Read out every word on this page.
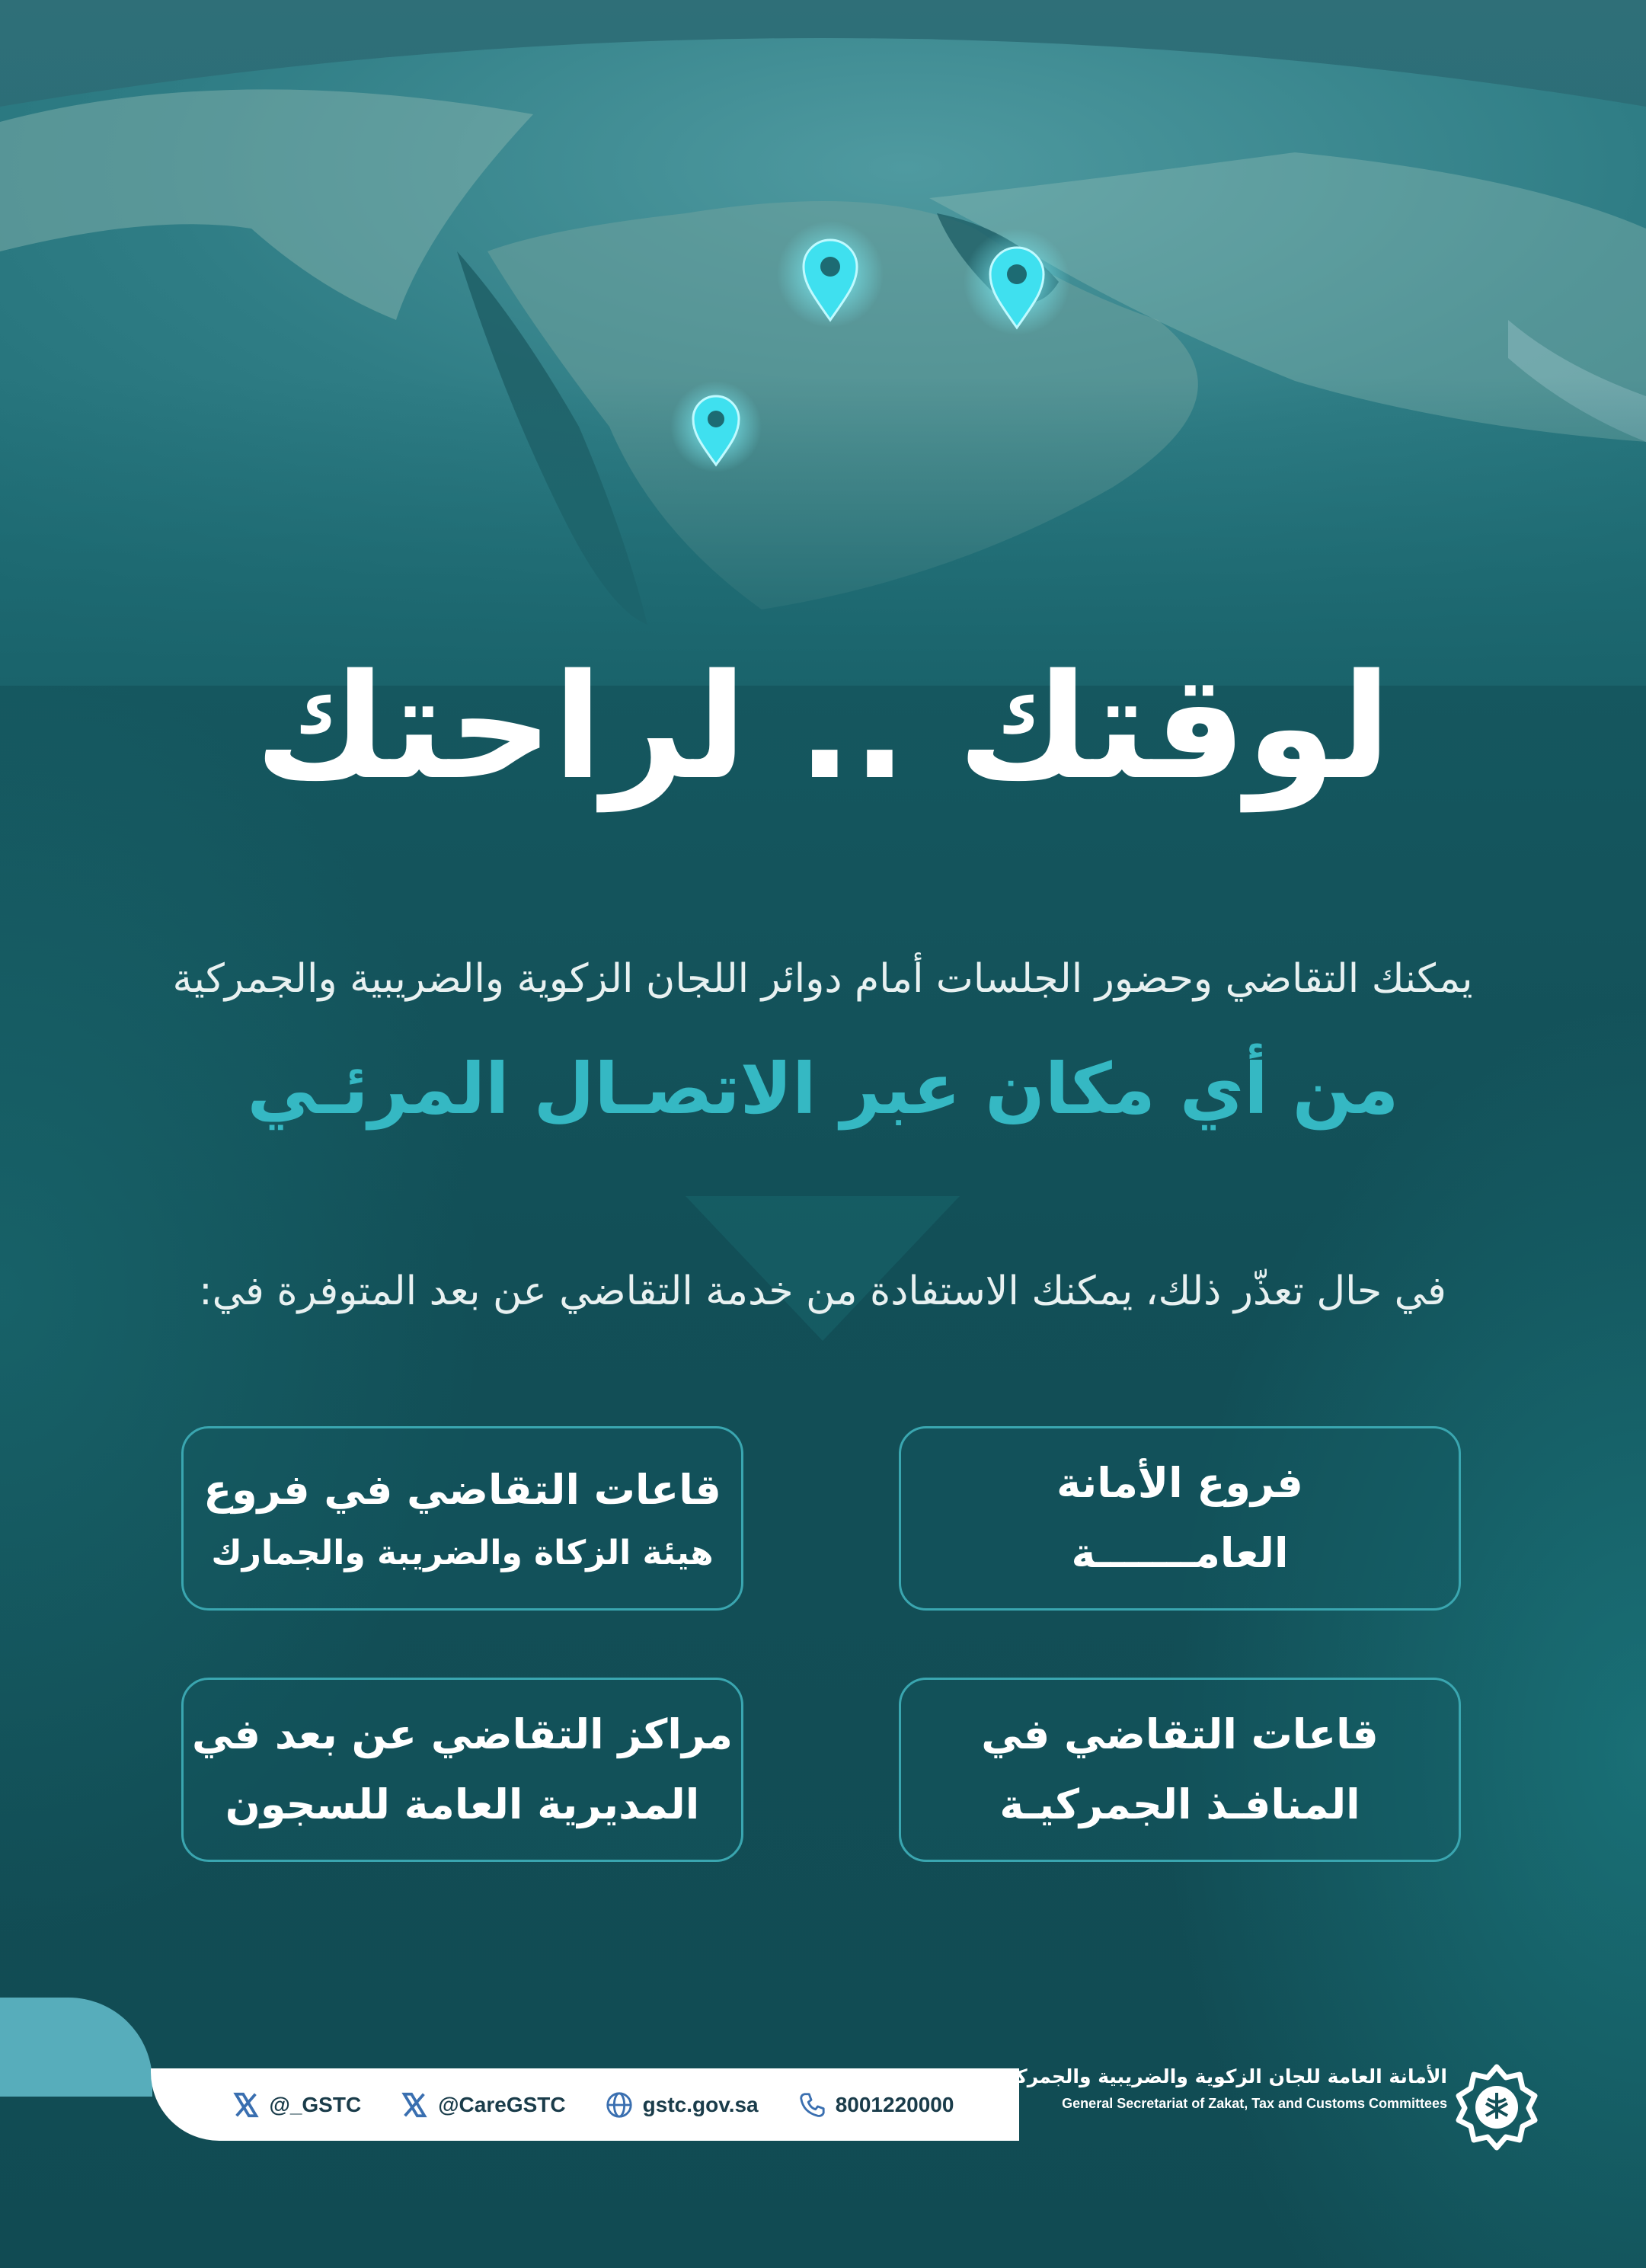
لوقتك .. لراحتك
يمكنك التقاضي وحضور الجلسات أمام دوائر اللجان الزكوية والضريبية والجمركية
من أي مكان عبر الاتصـال المرئـي
في حال تعذّر ذلك، يمكنك الاستفادة من خدمة التقاضي عن بعد المتوفرة في:
فروع الأمانة
العامـــــــة
قاعات التقاضي في فروع
هيئة الزكاة والضريبة والجمارك
قاعات التقاضي في
المنافـذ الجمركيـة
مراكز التقاضي عن بعد في
المديرية العامة للسجون
@_GSTC	@CareGSTC	gstc.gov.sa	8001220000
الأمانة العامة للجان الزكوية والضريبية والجمركية
General Secretariat of Zakat, Tax and Customs Committees
